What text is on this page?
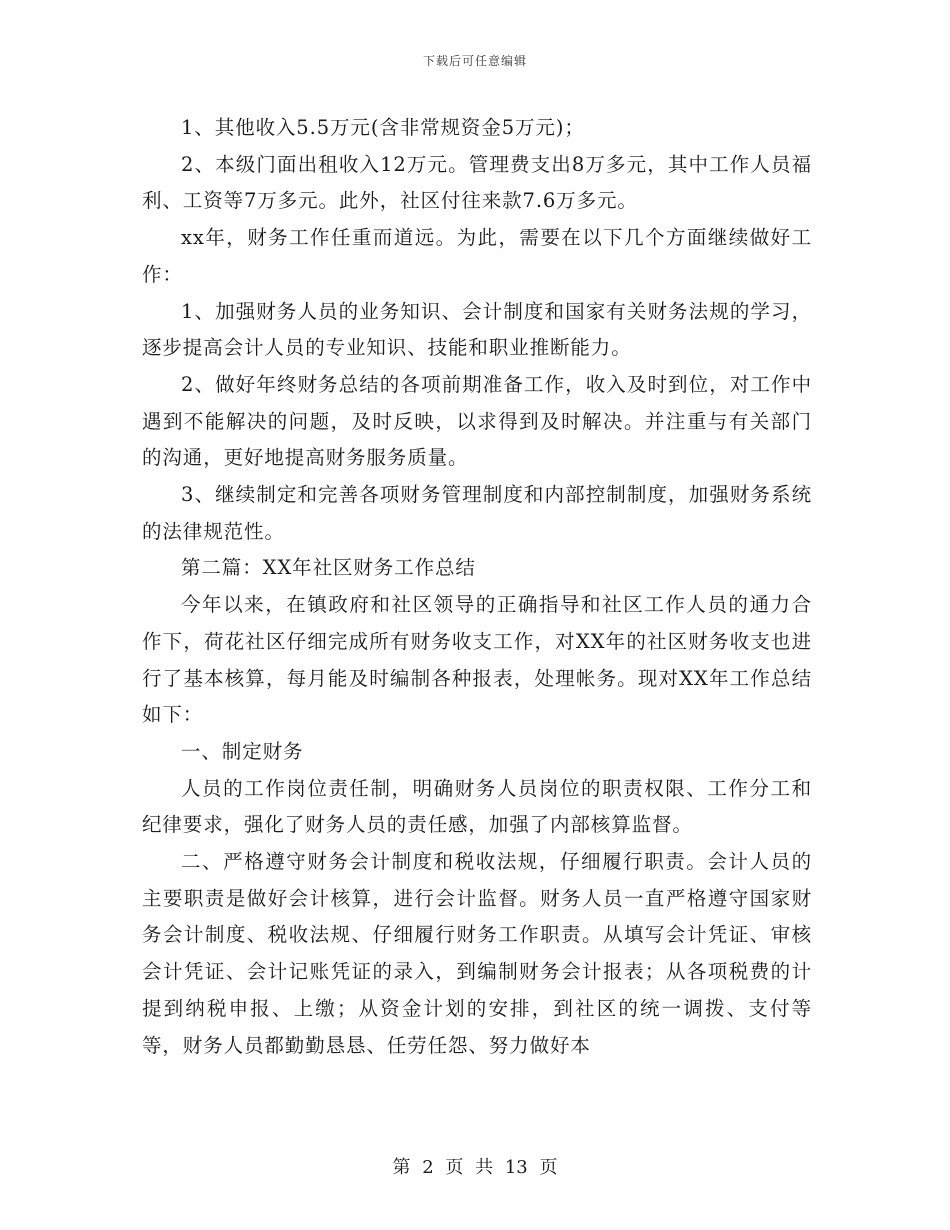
下载后可任意编辑

1、其他收入5.5万元(含非常规资金5万元)；

2、本级门面出租收入12万元。管理费支出8万多元，其中工作人员福利、工资等7万多元。此外，社区付往来款7.6万多元。

xx年，财务工作任重而道远。为此，需要在以下几个方面继续做好工作：

1、加强财务人员的业务知识、会计制度和国家有关财务法规的学习，逐步提高会计人员的专业知识、技能和职业推断能力。

2、做好年终财务总结的各项前期准备工作，收入及时到位，对工作中遇到不能解决的问题，及时反映，以求得到及时解决。并注重与有关部门的沟通，更好地提高财务服务质量。

3、继续制定和完善各项财务管理制度和内部控制制度，加强财务系统的法律规范性。

第二篇：XX年社区财务工作总结

今年以来，在镇政府和社区领导的正确指导和社区工作人员的通力合作下，荷花社区仔细完成所有财务收支工作，对XX年的社区财务收支也进行了基本核算，每月能及时编制各种报表，处理帐务。现对XX年工作总结如下：

一、制定财务

人员的工作岗位责任制，明确财务人员岗位的职责权限、工作分工和纪律要求，强化了财务人员的责任感，加强了内部核算监督。

二、严格遵守财务会计制度和税收法规，仔细履行职责。会计人员的主要职责是做好会计核算，进行会计监督。财务人员一直严格遵守国家财务会计制度、税收法规、仔细履行财务工作职责。从填写会计凭证、审核会计凭证、会计记账凭证的录入，到编制财务会计报表；从各项税费的计提到纳税申报、上缴；从资金计划的安排，到社区的统一调拨、支付等等，财务人员都勤勤恳恳、任劳任怨、努力做好本

第 2 页 共 13 页
